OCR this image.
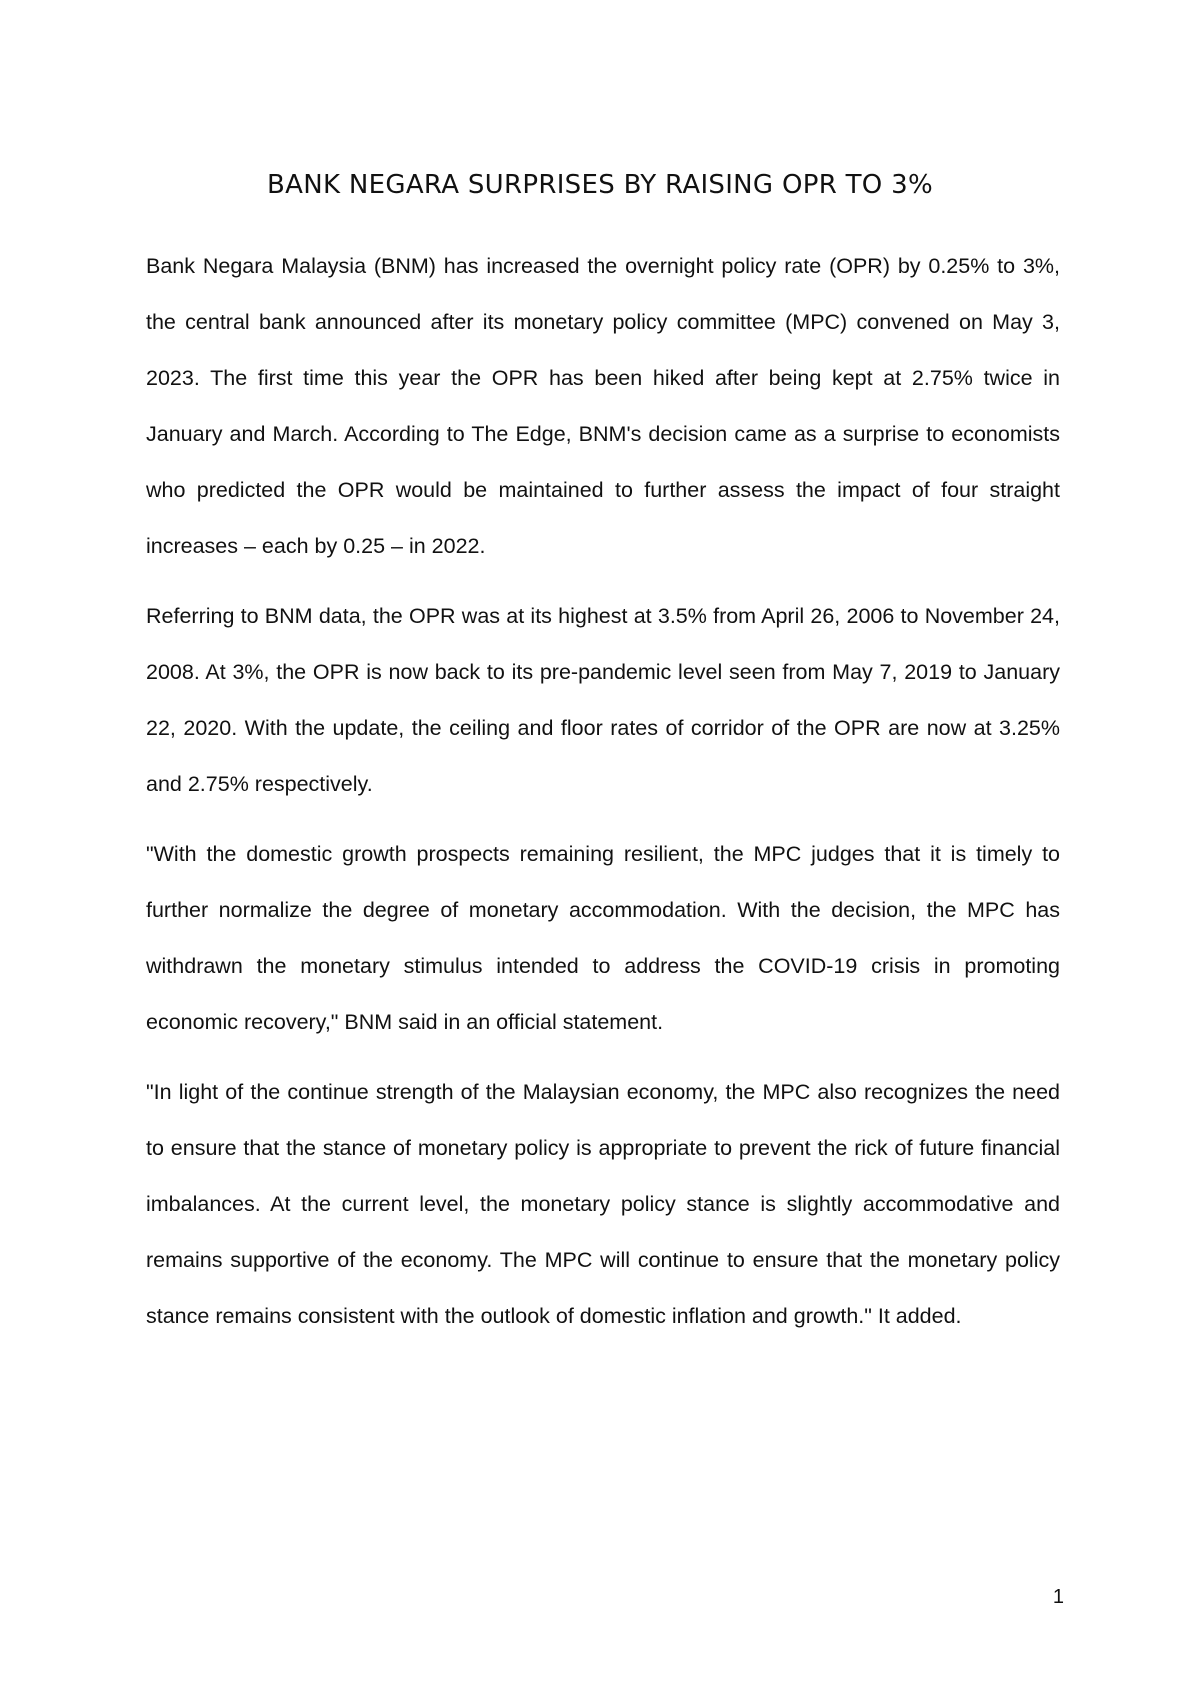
BANK NEGARA SURPRISES BY RAISING OPR TO 3%

Bank Negara Malaysia (BNM) has increased the overnight policy rate (OPR) by 0.25% to 3%, the central bank announced after its monetary policy committee (MPC) convened on May 3, 2023. The first time this year the OPR has been hiked after being kept at 2.75% twice in January and March. According to The Edge, BNM's decision came as a surprise to economists who predicted the OPR would be maintained to further assess the impact of four straight increases – each by 0.25 – in 2022.

Referring to BNM data, the OPR was at its highest at 3.5% from April 26, 2006 to November 24, 2008. At 3%, the OPR is now back to its pre-pandemic level seen from May 7, 2019 to January 22, 2020. With the update, the ceiling and floor rates of corridor of the OPR are now at 3.25% and 2.75% respectively.

"With the domestic growth prospects remaining resilient, the MPC judges that it is timely to further normalize the degree of monetary accommodation. With the decision, the MPC has withdrawn the monetary stimulus intended to address the COVID-19 crisis in promoting economic recovery," BNM said in an official statement.

"In light of the continue strength of the Malaysian economy, the MPC also recognizes the need to ensure that the stance of monetary policy is appropriate to prevent the rick of future financial imbalances. At the current level, the monetary policy stance is slightly accommodative and remains supportive of the economy. The MPC will continue to ensure that the monetary policy stance remains consistent with the outlook of domestic inflation and growth." It added.

1
